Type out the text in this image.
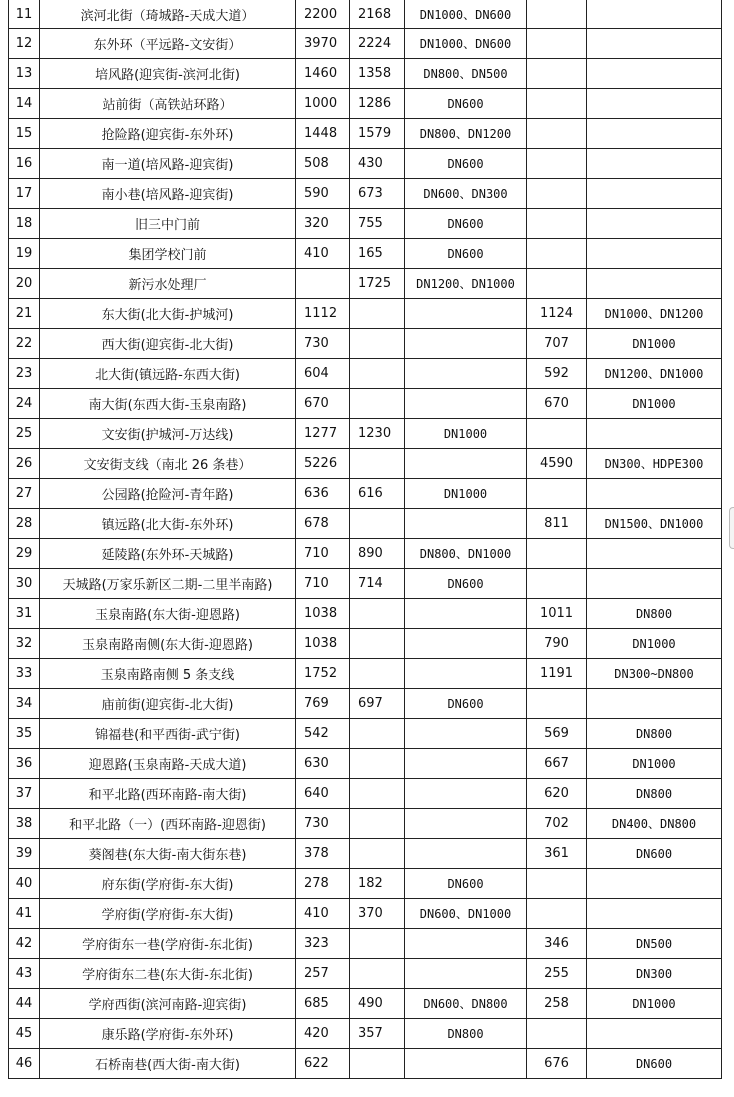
11	滨河北街（琦城路-天成大道）	2200	2168	DN1000、DN600		
12	东外环（平远路-文安街）	3970	2224	DN1000、DN600		
13	培风路(迎宾街-滨河北街)	1460	1358	DN800、DN500		
14	站前街（高铁站环路）	1000	1286	DN600		
15	抢险路(迎宾街-东外环)	1448	1579	DN800、DN1200		
16	南一道(培风路-迎宾街)	508	430	DN600		
17	南小巷(培风路-迎宾街)	590	673	DN600、DN300		
18	旧三中门前	320	755	DN600		
19	集团学校门前	410	165	DN600		
20	新污水处理厂		1725	DN1200、DN1000		
21	东大街(北大街-护城河)	1112			1124	DN1000、DN1200
22	西大街(迎宾街-北大街)	730			707	DN1000
23	北大街(镇远路-东西大街)	604			592	DN1200、DN1000
24	南大街(东西大街-玉泉南路)	670			670	DN1000
25	文安街(护城河-万达线)	1277	1230	DN1000		
26	文安街支线（南北 26 条巷）	5226			4590	DN300、HDPE300
27	公园路(抢险河-青年路)	636	616	DN1000		
28	镇远路(北大街-东外环)	678			811	DN1500、DN1000
29	延陵路(东外环-天城路)	710	890	DN800、DN1000		
30	天城路(万家乐新区二期-二里半南路)	710	714	DN600		
31	玉泉南路(东大街-迎恩路)	1038			1011	DN800
32	玉泉南路南侧(东大街-迎恩路)	1038			790	DN1000
33	玉泉南路南侧 5 条支线	1752			1191	DN300~DN800
34	庙前街(迎宾街-北大街)	769	697	DN600		
35	锦福巷(和平西街-武宁街)	542			569	DN800
36	迎恩路(玉泉南路-天成大道)	630			667	DN1000
37	和平北路(西环南路-南大街)	640			620	DN800
38	和平北路（一）(西环南路-迎恩街)	730			702	DN400、DN800
39	葵阁巷(东大街-南大街东巷)	378			361	DN600
40	府东街(学府街-东大街)	278	182	DN600		
41	学府街(学府街-东大街)	410	370	DN600、DN1000		
42	学府街东一巷(学府街-东北街)	323			346	DN500
43	学府街东二巷(东大街-东北街)	257			255	DN300
44	学府西街(滨河南路-迎宾街)	685	490	DN600、DN800	258	DN1000
45	康乐路(学府街-东外环)	420	357	DN800		
46	石桥南巷(西大街-南大街)	622			676	DN600
